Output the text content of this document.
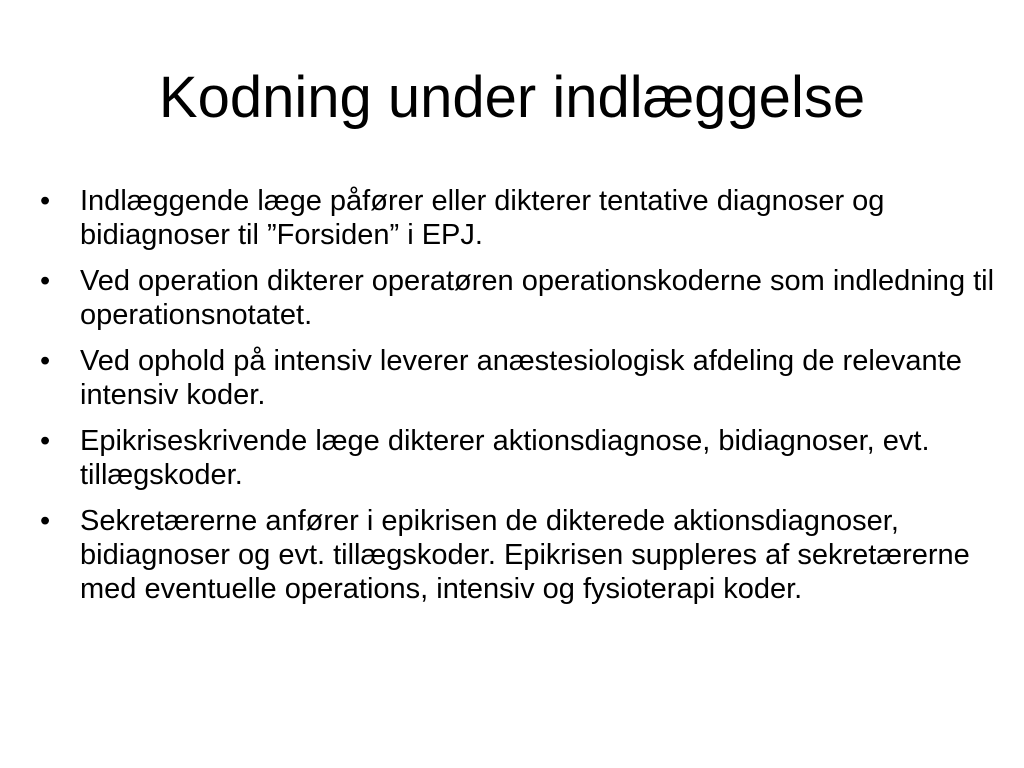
Kodning under indlæggelse
•	Indlæggende læge påfører eller dikterer tentative diagnoser og bidiagnoser til ”Forsiden” i EPJ.
•	Ved operation dikterer operatøren operationskoderne som indledning til operationsnotatet.
•	Ved ophold på intensiv leverer anæstesiologisk afdeling de relevante intensiv koder.
•	Epikriseskrivende læge dikterer aktionsdiagnose, bidiagnoser, evt. tillægskoder.
•	Sekretærerne anfører i epikrisen de dikterede aktionsdiagnoser, bidiagnoser og evt. tillægskoder. Epikrisen suppleres af sekretærerne med eventuelle operations, intensiv og fysioterapi koder.
